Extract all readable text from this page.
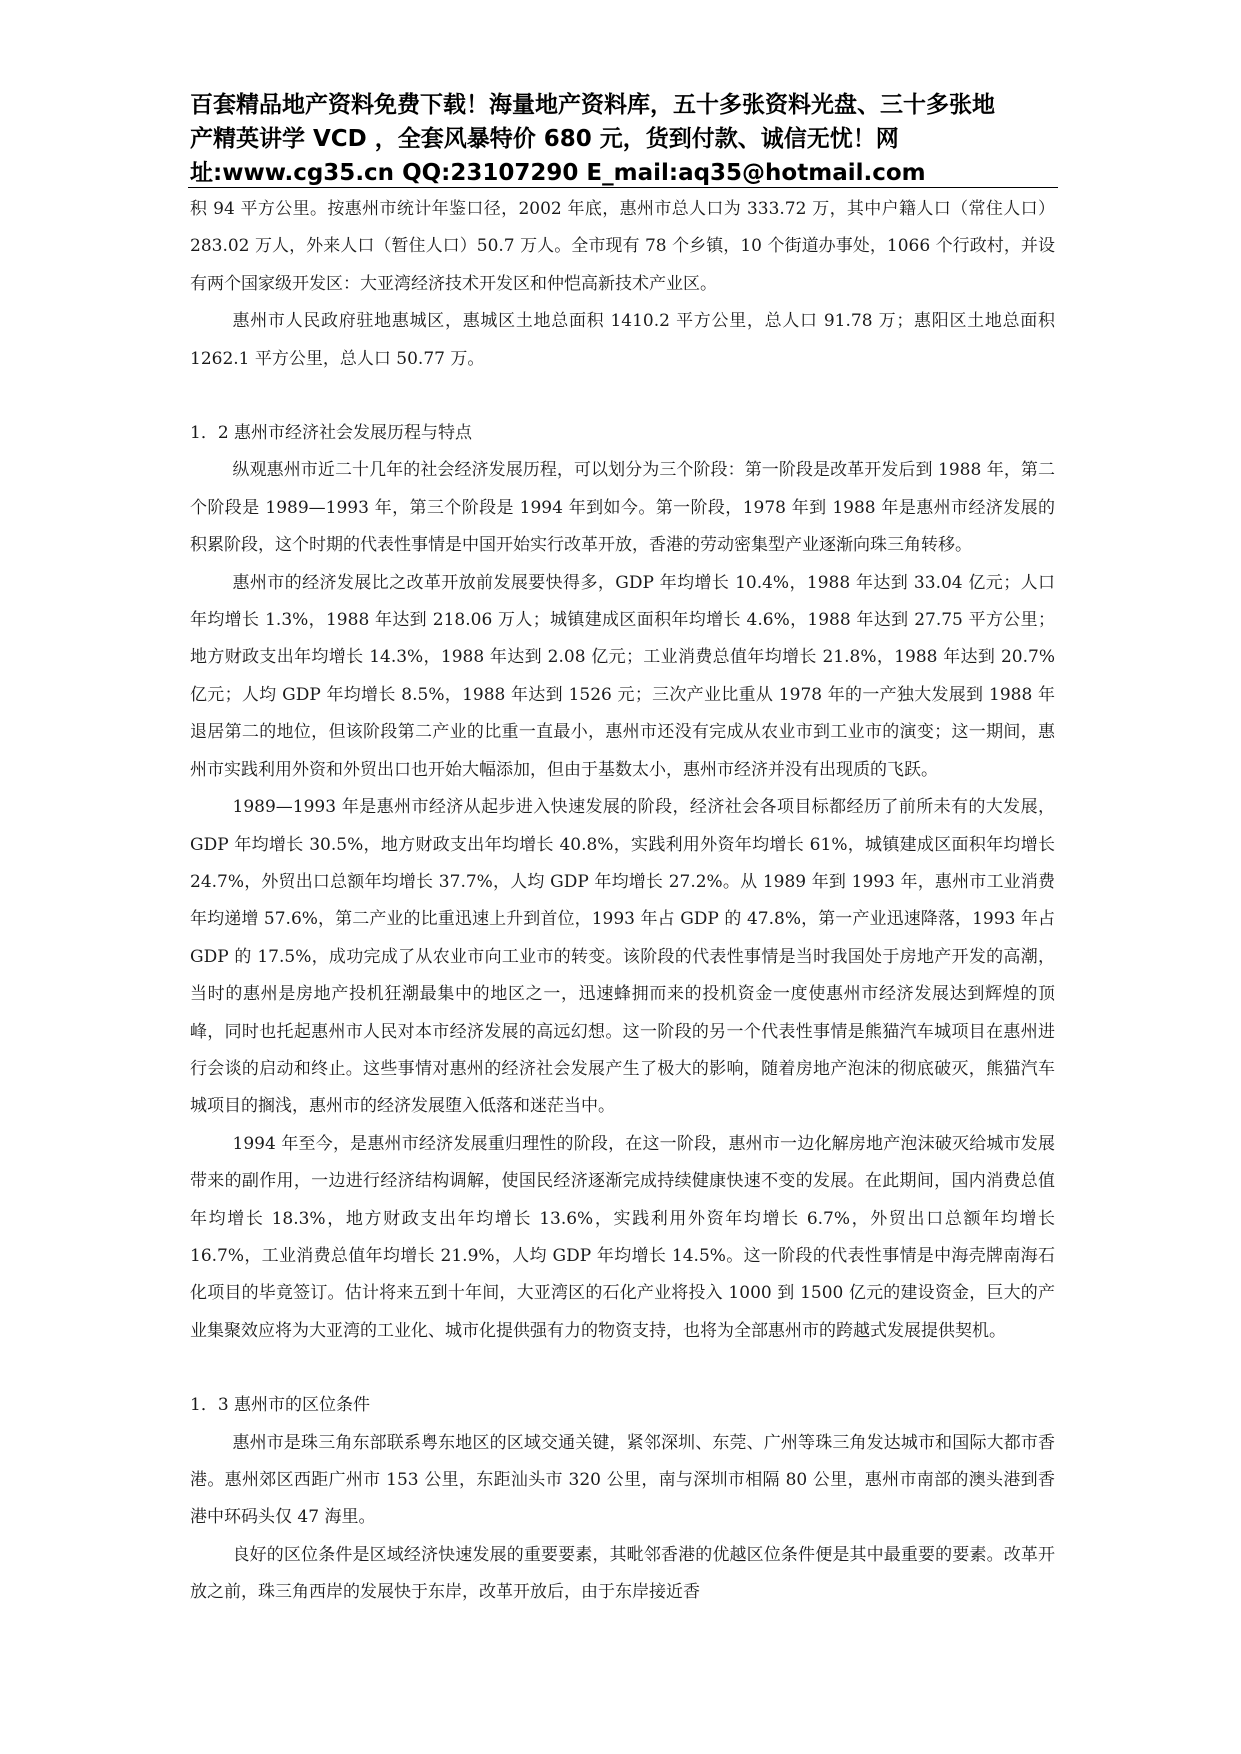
百套精品地产资料免费下载！海量地产资料库，五十多张资料光盘、三十多张地

产精英讲学 VCD ，全套风暴特价 680 元，货到付款、诚信无忧！网

址:www.cg35.cn QQ:23107290 E_mail:aq35@hotmail.com

积 94 平方公里。按惠州市统计年鉴口径，2002 年底，惠州市总人口为 333.72 万，其中户籍人口（常住人口）283.02 万人，外来人口（暂住人口）50.7 万人。全市现有 78 个乡镇，10 个街道办事处，1066 个行政村，并设有两个国家级开发区：大亚湾经济技术开发区和仲恺高新技术产业区。

惠州市人民政府驻地惠城区，惠城区土地总面积 1410.2 平方公里，总人口 91.78 万；惠阳区土地总面积 1262.1 平方公里，总人口 50.77 万。

1．2 惠州市经济社会发展历程与特点

纵观惠州市近二十几年的社会经济发展历程，可以划分为三个阶段：第一阶段是改革开发后到 1988 年，第二个阶段是 1989—1993 年，第三个阶段是 1994 年到如今。第一阶段，1978 年到 1988 年是惠州市经济发展的积累阶段，这个时期的代表性事情是中国开始实行改革开放，香港的劳动密集型产业逐渐向珠三角转移。

惠州市的经济发展比之改革开放前发展要快得多，GDP 年均增长 10.4%，1988 年达到 33.04 亿元；人口年均增长 1.3%，1988 年达到 218.06 万人；城镇建成区面积年均增长 4.6%，1988 年达到 27.75 平方公里；地方财政支出年均增长 14.3%，1988 年达到 2.08 亿元；工业消费总值年均增长 21.8%，1988 年达到 20.7%亿元；人均 GDP 年均增长 8.5%，1988 年达到 1526 元；三次产业比重从 1978 年的一产独大发展到 1988 年退居第二的地位，但该阶段第二产业的比重一直最小，惠州市还没有完成从农业市到工业市的演变；这一期间，惠州市实践利用外资和外贸出口也开始大幅添加，但由于基数太小，惠州市经济并没有出现质的飞跃。

1989—1993 年是惠州市经济从起步进入快速发展的阶段，经济社会各项目标都经历了前所未有的大发展，GDP 年均增长 30.5%，地方财政支出年均增长 40.8%，实践利用外资年均增长 61%，城镇建成区面积年均增长 24.7%，外贸出口总额年均增长 37.7%，人均 GDP 年均增长 27.2%。从 1989 年到 1993 年，惠州市工业消费年均递增 57.6%，第二产业的比重迅速上升到首位，1993 年占 GDP 的 47.8%，第一产业迅速降落，1993 年占 GDP 的 17.5%，成功完成了从农业市向工业市的转变。该阶段的代表性事情是当时我国处于房地产开发的高潮，当时的惠州是房地产投机狂潮最集中的地区之一，迅速蜂拥而来的投机资金一度使惠州市经济发展达到辉煌的顶峰，同时也托起惠州市人民对本市经济发展的高远幻想。这一阶段的另一个代表性事情是熊猫汽车城项目在惠州进行会谈的启动和终止。这些事情对惠州的经济社会发展产生了极大的影响，随着房地产泡沫的彻底破灭，熊猫汽车城项目的搁浅，惠州市的经济发展堕入低落和迷茫当中。

1994 年至今，是惠州市经济发展重归理性的阶段，在这一阶段，惠州市一边化解房地产泡沫破灭给城市发展带来的副作用，一边进行经济结构调解，使国民经济逐渐完成持续健康快速不变的发展。在此期间，国内消费总值年均增长 18.3%，地方财政支出年均增长 13.6%，实践利用外资年均增长 6.7%，外贸出口总额年均增长 16.7%，工业消费总值年均增长 21.9%，人均 GDP 年均增长 14.5%。这一阶段的代表性事情是中海壳牌南海石化项目的毕竟签订。估计将来五到十年间，大亚湾区的石化产业将投入 1000 到 1500 亿元的建设资金，巨大的产业集聚效应将为大亚湾的工业化、城市化提供强有力的物资支持，也将为全部惠州市的跨越式发展提供契机。

1．3 惠州市的区位条件

惠州市是珠三角东部联系粤东地区的区域交通关键，紧邻深圳、东莞、广州等珠三角发达城市和国际大都市香港。惠州郊区西距广州市 153 公里，东距汕头市 320 公里，南与深圳市相隔 80 公里，惠州市南部的澳头港到香港中环码头仅 47 海里。

良好的区位条件是区域经济快速发展的重要要素，其毗邻香港的优越区位条件便是其中最重要的要素。改革开放之前，珠三角西岸的发展快于东岸，改革开放后，由于东岸接近香
